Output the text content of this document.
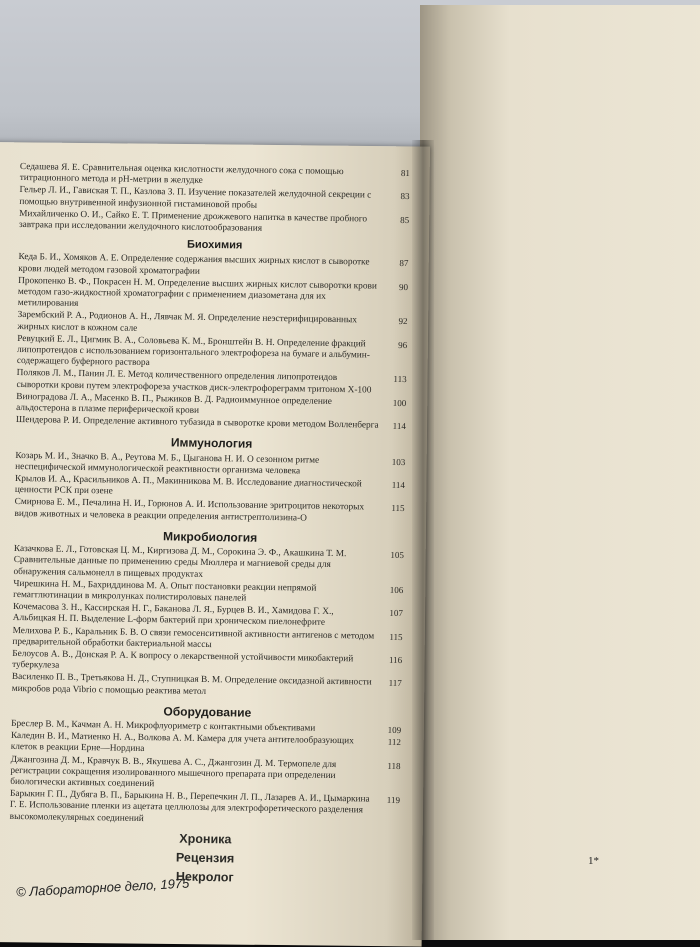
Седашева Я. Е. Сравнительная оценка кислотности желудочного сока с помощью титрационного метода и рН-метрии в желудке
81
Гельер Л. И., Гавиская Т. П., Казлова З. П. Изучение показателей желудочной секреции с помощью внутривенной инфузионной гистаминовой пробы
83
Михайличенко О. И., Сайко Е. Т. Применение дрожжевого напитка в качестве пробного завтрака при исследовании желудочного кислотообразования
85
Биохимия
Кеда Б. И., Хомяков А. Е. Определение содержания высших жирных кислот в сыворотке крови людей методом газовой хроматографии
87
Прокопенко В. Ф., Покрасен Н. М. Определение высших жирных кислот сыворотки крови методом газо-жидкостной хроматографии с применением диазометана для их метилирования
90
Зарембский Р. А., Родионов А. Н., Лявчак М. Я. Определение неэстерифицированных жирных кислот в кожном сале
92
Ревуцкий Е. Л., Цигмик В. А., Соловьева К. М., Бронштейн В. Н. Определение фракций липопротеидов с использованием горизонтального электрофореза на бумаге и альбумин-содержащего буферного раствора
96
Поляков Л. М., Панин Л. Е. Метод количественного определения липопротеидов сыворотки крови путем электрофореза участков диск-электрофореграмм тритоном Х-100
113
Виноградова Л. А., Масенко В. П., Рыжиков В. Д. Радиоиммунное определение альдостерона в плазме периферической крови
100
Шендерова Р. И. Определение активного тубазида в сыворотке крови методом Волленберга 114
Иммунология
Козарь М. И., Значко В. А., Реутова М. Б., Цыганова Н. И. О сезонном ритме неспецифической иммунологической реактивности организма человека
103
Крылов И. А., Красильников А. П., Макинникова М. В. Исследование диагностической ценности РСК при озене
114
Смирнова Е. М., Печалина Н. И., Горюнов А. И. Использование эритроцитов некоторых видов животных и человека в реакции определения антистрептолизина-О
115
Микробиология
Казачкова Е. Л., Готовская Ц. М., Киргизова Д. М., Сорокина Э. Ф., Акашкина Т. М. Сравнительные данные по применению среды Мюллера и магниевой среды для обнаружения сальмонелл в пищевых продуктах
105
Чирешкина Н. М., Бахриддинова М. А. Опыт постановки реакции непрямой гемагглютинации в микролунках полистироловых панелей
106
Кочемасова З. Н., Кассирская Н. Г., Баканова Л. Я., Бурцев В. И., Хамидова Г. Х., Альбицкая Н. П. Выделение L-форм бактерий при хроническом пиелонефрите
107
Мелихова Р. Б., Каральник Б. В. О связи гемосенситивной активности антигенов с методом предварительной обработки бактериальной массы
115
Белоусов А. В., Донская Р. А. К вопросу о лекарственной устойчивости микобактерий туберкулеза
116
Василенко П. В., Третьякова Н. Д., Ступницкая В. М. Определение оксидазной активности микробов рода Vibrio с помощью реактива метол
117
Оборудование
Бреслер В. М., Качман А. Н. Микрофлуориметр с контактными объективами	109
Каледин В. И., Матиенко Н. А., Волкова А. М. Камера для учета антителообразующих клеток в реакции Ерне—Нордина
112
Джангозина Д. М., Кравчук В. В., Якушева А. С., Джангозин Д. М. Термопеле для регистрации сокращения изолированного мышечного препарата при определении биологически активных соединений
118
Барыкин Г. П., Дубягa В. П., Барыкина Н. В., Перепечкин Л. П., Лазарев А. И., Цымаркина Г. Е. Использование пленки из ацетата целлюлозы для электрофоретического разделения высокомолекулярных соединений
119
Хроника
Рецензия
Некролог
© Лабораторное дело, 1975

1*
